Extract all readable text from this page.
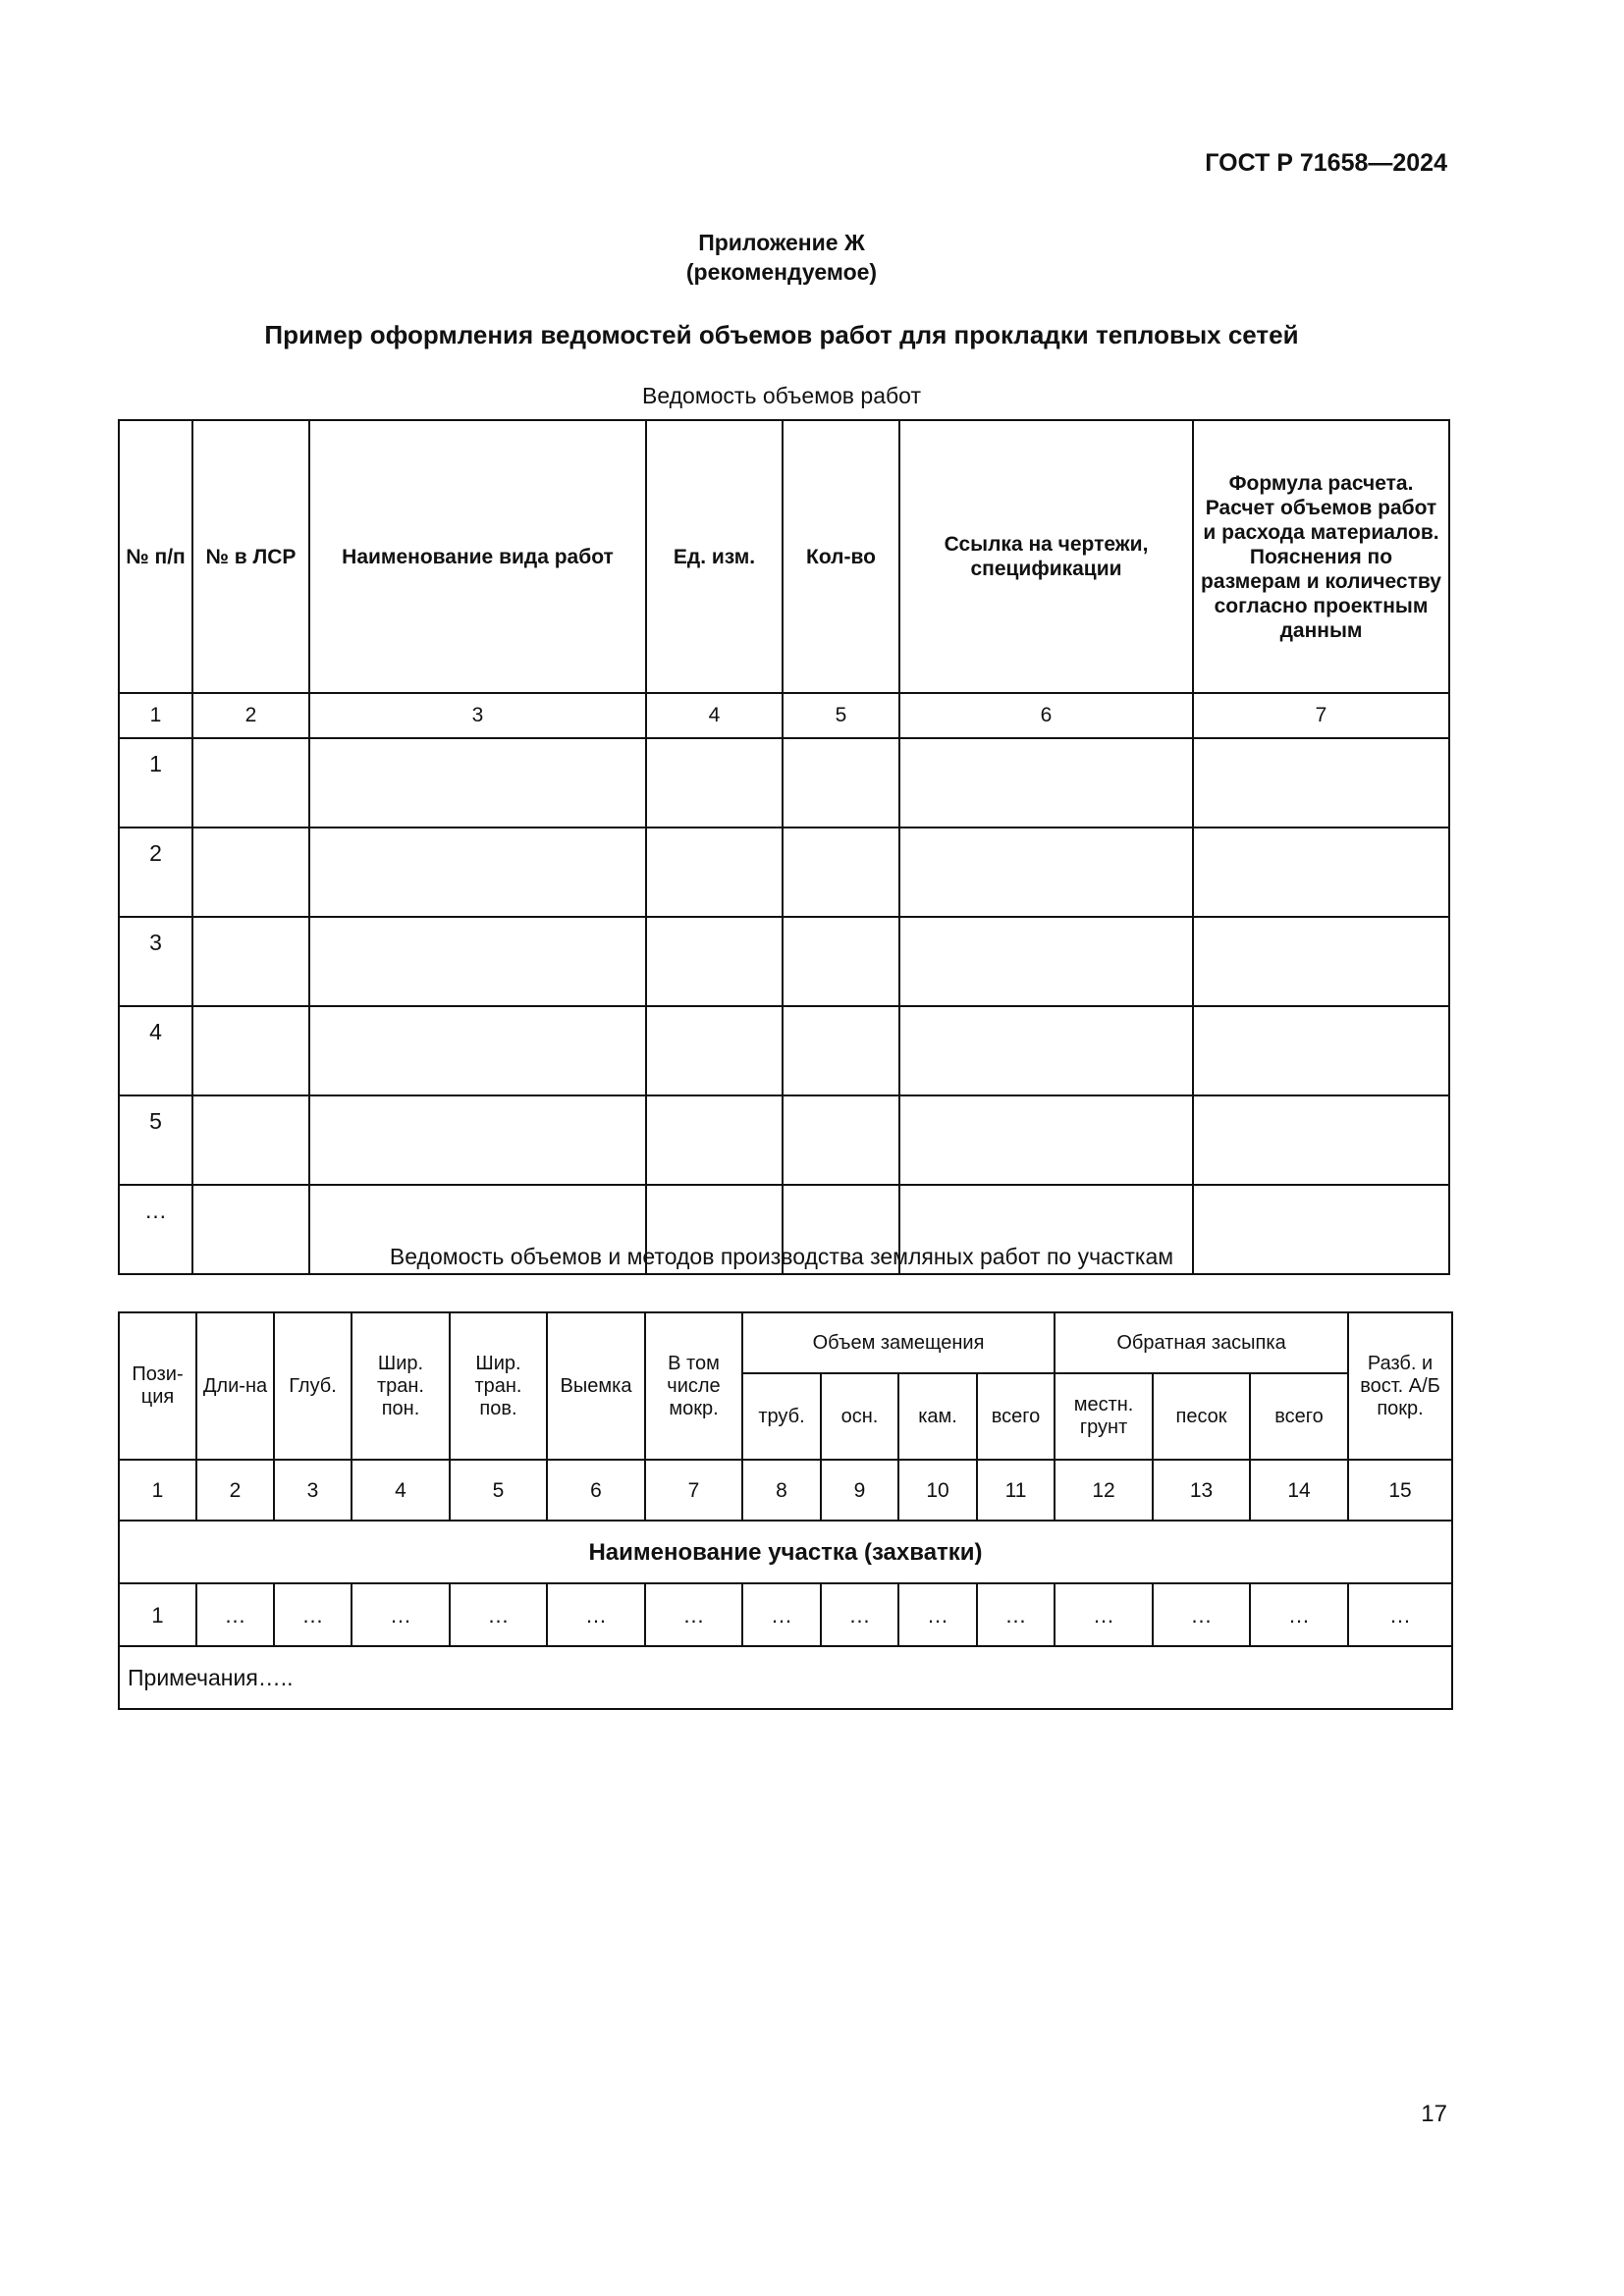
ГОСТ Р 71658—2024
Приложение Ж
(рекомендуемое)
Пример оформления ведомостей объемов работ для прокладки тепловых сетей
Ведомость объемов работ
№ п/п	№ в ЛСР	Наименование вида работ	Ед. изм.	Кол-во	Ссылка на чертежи, спецификации	Формула расчета. Расчет объемов работ и расхода материалов. Пояснения по размерам и количеству согласно проектным данным
1	2	3	4	5	6	7
1						
2						
3						
4						
5						
…						
Ведомость объемов и методов производства земляных работ по участкам
Пози-ция	Дли-на	Глуб.	Шир. тран. пон.	Шир. тран. пов.	Выемка	В том числе мокр.	Объем замещения				Обратная засыпка			Разб. и вост. А/Б покр.
							труб.	осн.	кам.	всего	местн. грунт	песок	всего	
1	2	3	4	5	6	7	8	9	10	11	12	13	14	15
Наименование участка (захватки)														
1	…	…	…	…	…	…	…	…	…	…	…	…	…	…
Примечания…..														
17
